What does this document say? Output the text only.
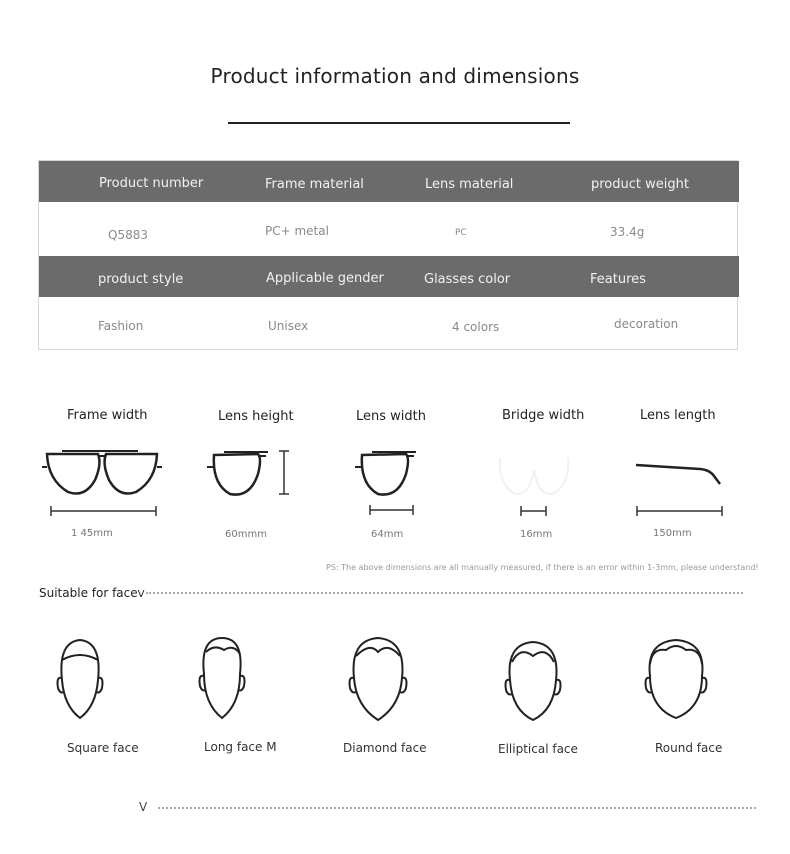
Product information and dimensions
Product number	Frame material	Lens material	product weight
Q5883	PC+ metal	PC	33.4g
product style	Applicable gender	Glasses color	Features
Fashion	Unisex	4 colors	decoration
Frame width	Lens height	Lens width	Bridge width	Lens length
1 45mm	60mmm	64mm	16mm	150mm
PS: The above dimensions are all manually measured, if there is an error within 1-3mm, please understand!
Suitable for faceV
Square face	Long face M	Diamond face	Elliptical face	Round face
V
